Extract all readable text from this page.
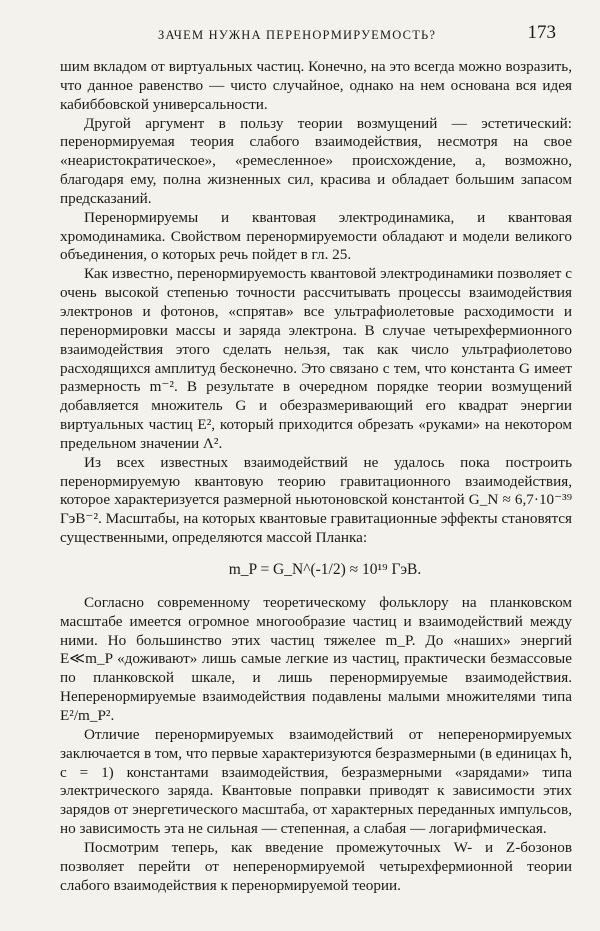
ЗАЧЕМ НУЖНА ПЕРЕНОРМИРУЕМОСТЬ?	173

шим вкладом от виртуальных частиц. Конечно, на это всегда можно возразить, что данное равенство — чисто случайное, однако на нем основана вся идея кабиббовской универсальности.

Другой аргумент в пользу теории возмущений — эстетический: перенормируемая теория слабого взаимодействия, несмотря на свое «неаристократическое», «ремесленное» происхождение, а, возможно, благодаря ему, полна жизненных сил, красива и обладает большим запасом предсказаний.

Перенормируемы и квантовая электродинамика, и квантовая хромодинамика. Свойством перенормируемости обладают и модели великого объединения, о которых речь пойдет в гл. 25.

Как известно, перенормируемость квантовой электродинамики позволяет с очень высокой степенью точности рассчитывать процессы взаимодействия электронов и фотонов, «спрятав» все ультрафиолетовые расходимости и перенормировки массы и заряда электрона. В случае четырехфермионного взаимодействия этого сделать нельзя, так как число ультрафиолетово расходящихся амплитуд бесконечно. Это связано с тем, что константа G имеет размерность m⁻². В результате в очередном порядке теории возмущений добавляется множитель G и обезразмеривающий его квадрат энергии виртуальных частиц E², который приходится обрезать «руками» на некотором предельном значении Λ².

Из всех известных взаимодействий не удалось пока построить перенормируемую квантовую теорию гравитационного взаимодействия, которое характеризуется размерной ньютоновской константой G_N ≈ 6,7·10⁻³⁹ ГэВ⁻². Масштабы, на которых квантовые гравитационные эффекты становятся существенными, определяются массой Планка:

m_P = G_N^(-1/2) ≈ 10¹⁹ ГэВ.

Согласно современному теоретическому фольклору на планковском масштабе имеется огромное многообразие частиц и взаимодействий между ними. Но большинство этих частиц тяжелее m_P. До «наших» энергий E≪m_P «доживают» лишь самые легкие из частиц, практически безмассовые по планковской шкале, и лишь перенормируемые взаимодействия. Неперенормируемые взаимодействия подавлены малыми множителями типа E²/m_P².

Отличие перенормируемых взаимодействий от неперенормируемых заключается в том, что первые характеризуются безразмерными (в единицах ħ, c = 1) константами взаимодействия, безразмерными «зарядами» типа электрического заряда. Квантовые поправки приводят к зависимости этих зарядов от энергетического масштаба, от характерных переданных импульсов, но зависимость эта не сильная — степенная, а слабая — логарифмическая.

Посмотрим теперь, как введение промежуточных W- и Z-бозонов позволяет перейти от неперенормируемой четырехфермионной теории слабого взаимодействия к перенормируемой теории.
